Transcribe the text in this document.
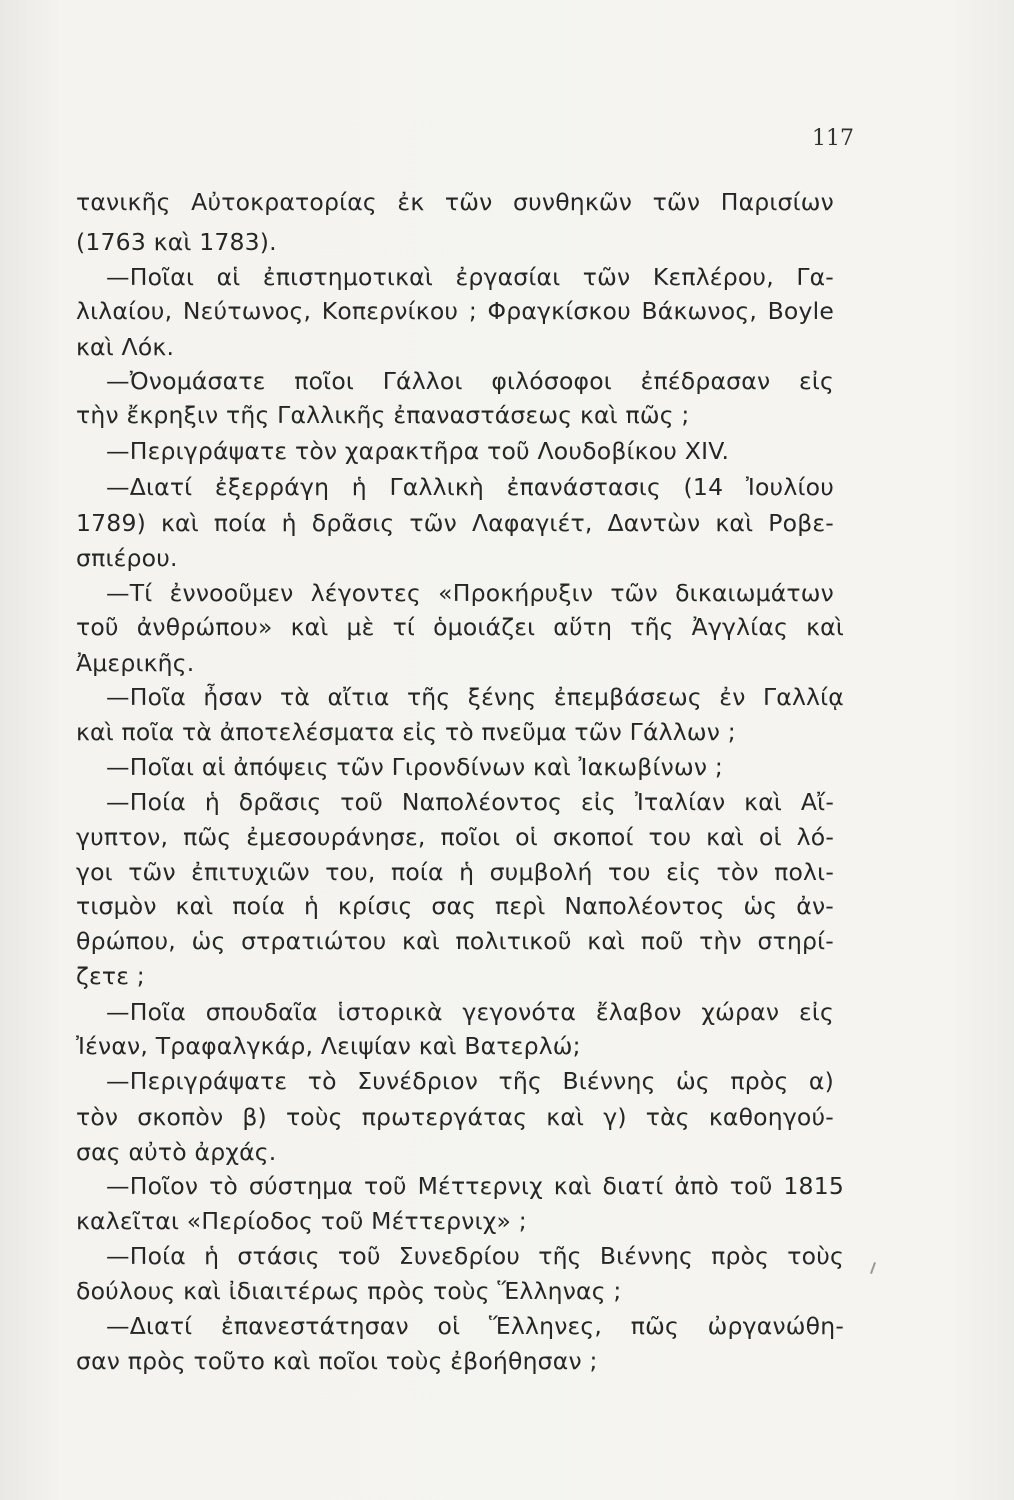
117
τανικῆς Αὐτοκρατορίας ἐκ τῶν συνθηκῶν τῶν Παρισίων
(1763 καὶ 1783).
—Ποῖαι αἱ ἐπιστημοτικαὶ ἐργασίαι τῶν Κεπλέρου, Γα-
λιλαίου, Νεύτωνος, Κοπερνίκου ; Φραγκίσκου Βάκωνος, Boyle
καὶ Λόκ.
—Ὀνομάσατε ποῖοι Γάλλοι φιλόσοφοι ἐπέδρασαν εἰς
τὴν ἔκρηξιν τῆς Γαλλικῆς ἐπαναστάσεως καὶ πῶς ;
—Περιγράψατε τὸν χαρακτῆρα τοῦ Λουδοβίκου XIV.
—Διατί ἐξερράγη ἡ Γαλλικὴ ἐπανάστασις (14 Ἰουλίου
1789) καὶ ποία ἡ δρᾶσις τῶν Λαφαγιέτ, Δαντὼν καὶ Ροβε-
σπιέρου.
—Τί ἐννοοῦμεν λέγοντες «Προκήρυξιν τῶν δικαιωμάτων
τοῦ ἀνθρώπου» καὶ μὲ τί ὁμοιάζει αὕτη τῆς Ἀγγλίας καὶ
Ἀμερικῆς.
—Ποῖα ἦσαν τὰ αἴτια τῆς ξένης ἐπεμβάσεως ἐν Γαλλίᾳ
καὶ ποῖα τὰ ἀποτελέσματα εἰς τὸ πνεῦμα τῶν Γάλλων ;
—Ποῖαι αἱ ἀπόψεις τῶν Γιρονδίνων καὶ Ἰακωβίνων ;
—Ποία ἡ δρᾶσις τοῦ Ναπολέοντος εἰς Ἰταλίαν καὶ Αἴ-
γυπτον, πῶς ἐμεσουράνησε, ποῖοι οἱ σκοποί του καὶ οἱ λό-
γοι τῶν ἐπιτυχιῶν του, ποία ἡ συμβολή του εἰς τὸν πολι-
τισμὸν καὶ ποία ἡ κρίσις σας περὶ Ναπολέοντος ὡς ἀν-
θρώπου, ὡς στρατιώτου καὶ πολιτικοῦ καὶ ποῦ τὴν στηρί-
ζετε ;
—Ποῖα σπουδαῖα ἱστορικὰ γεγονότα ἔλαβον χώραν εἰς
Ἰέναν, Τραφαλγκάρ, Λειψίαν καὶ Βατερλώ;
—Περιγράψατε τὸ Συνέδριον τῆς Βιέννης ὡς πρὸς α)
τὸν σκοπὸν β) τοὺς πρωτεργάτας καὶ γ) τὰς καθοηγού-
σας αὐτὸ ἀρχάς.
—Ποῖον τὸ σύστημα τοῦ Μέττερνιχ καὶ διατί ἀπὸ τοῦ 1815
καλεῖται «Περίοδος τοῦ Μέττερνιχ» ;
—Ποία ἡ στάσις τοῦ Συνεδρίου τῆς Βιέννης πρὸς τοὺς
δούλους καὶ ἰδιαιτέρως πρὸς τοὺς Ἕλληνας ;
—Διατί ἐπανεστάτησαν οἱ Ἕλληνες, πῶς ὠργανώθη-
σαν πρὸς τοῦτο καὶ ποῖοι τοὺς ἐβοήθησαν ;
